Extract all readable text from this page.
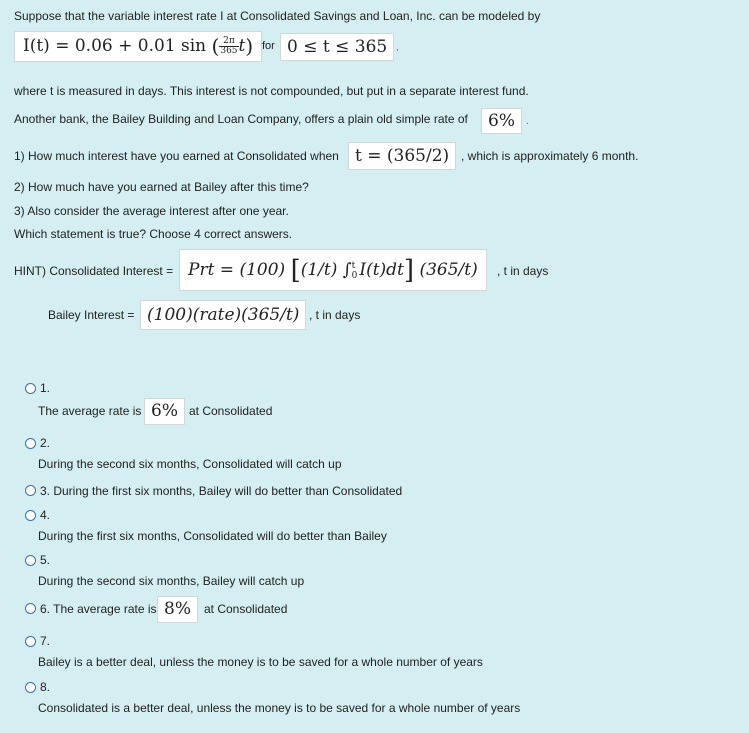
Suppose that the variable interest rate I at Consolidated Savings and Loan, Inc. can be modeled by
I(t) = 0.06 + 0.01 sin ( $\frac{2\pi}{365} t$) for 0 ≤ t ≤ 365 ,
where t is measured in days. This interest is not compounded, but put in a separate interest fund.
Another bank, the Bailey Building and Loan Company, offers a plain old simple rate of	6%	.
1) How much interest have you earned at Consolidated when t = (365/2) , which is approximately 6 month.
2) How much have you earned at Bailey after this time?
3) Also consider the average interest after one year.
Which statement is true? Choose 4 correct answers.
HINT) Consolidated Interest = Prt = (100) [(1/t) ∫ t
0 I(t)dt] (365/t)	, t in days
Bailey Interest = (100)(rate)(365/t) , t in days
1.
The average rate is 6% at Consolidated
2.
During the second six months, Consolidated will catch up
3. During the first six months, Bailey will do better than Consolidated
4.
During the first six months, Consolidated will do better than Bailey
5.
During the second six months, Bailey will catch up
6. The average rate is 8%	at Consolidated
7.
Bailey is a better deal, unless the money is to be saved for a whole number of years
8.
Consolidated is a better deal, unless the money is to be saved for a whole number of years
